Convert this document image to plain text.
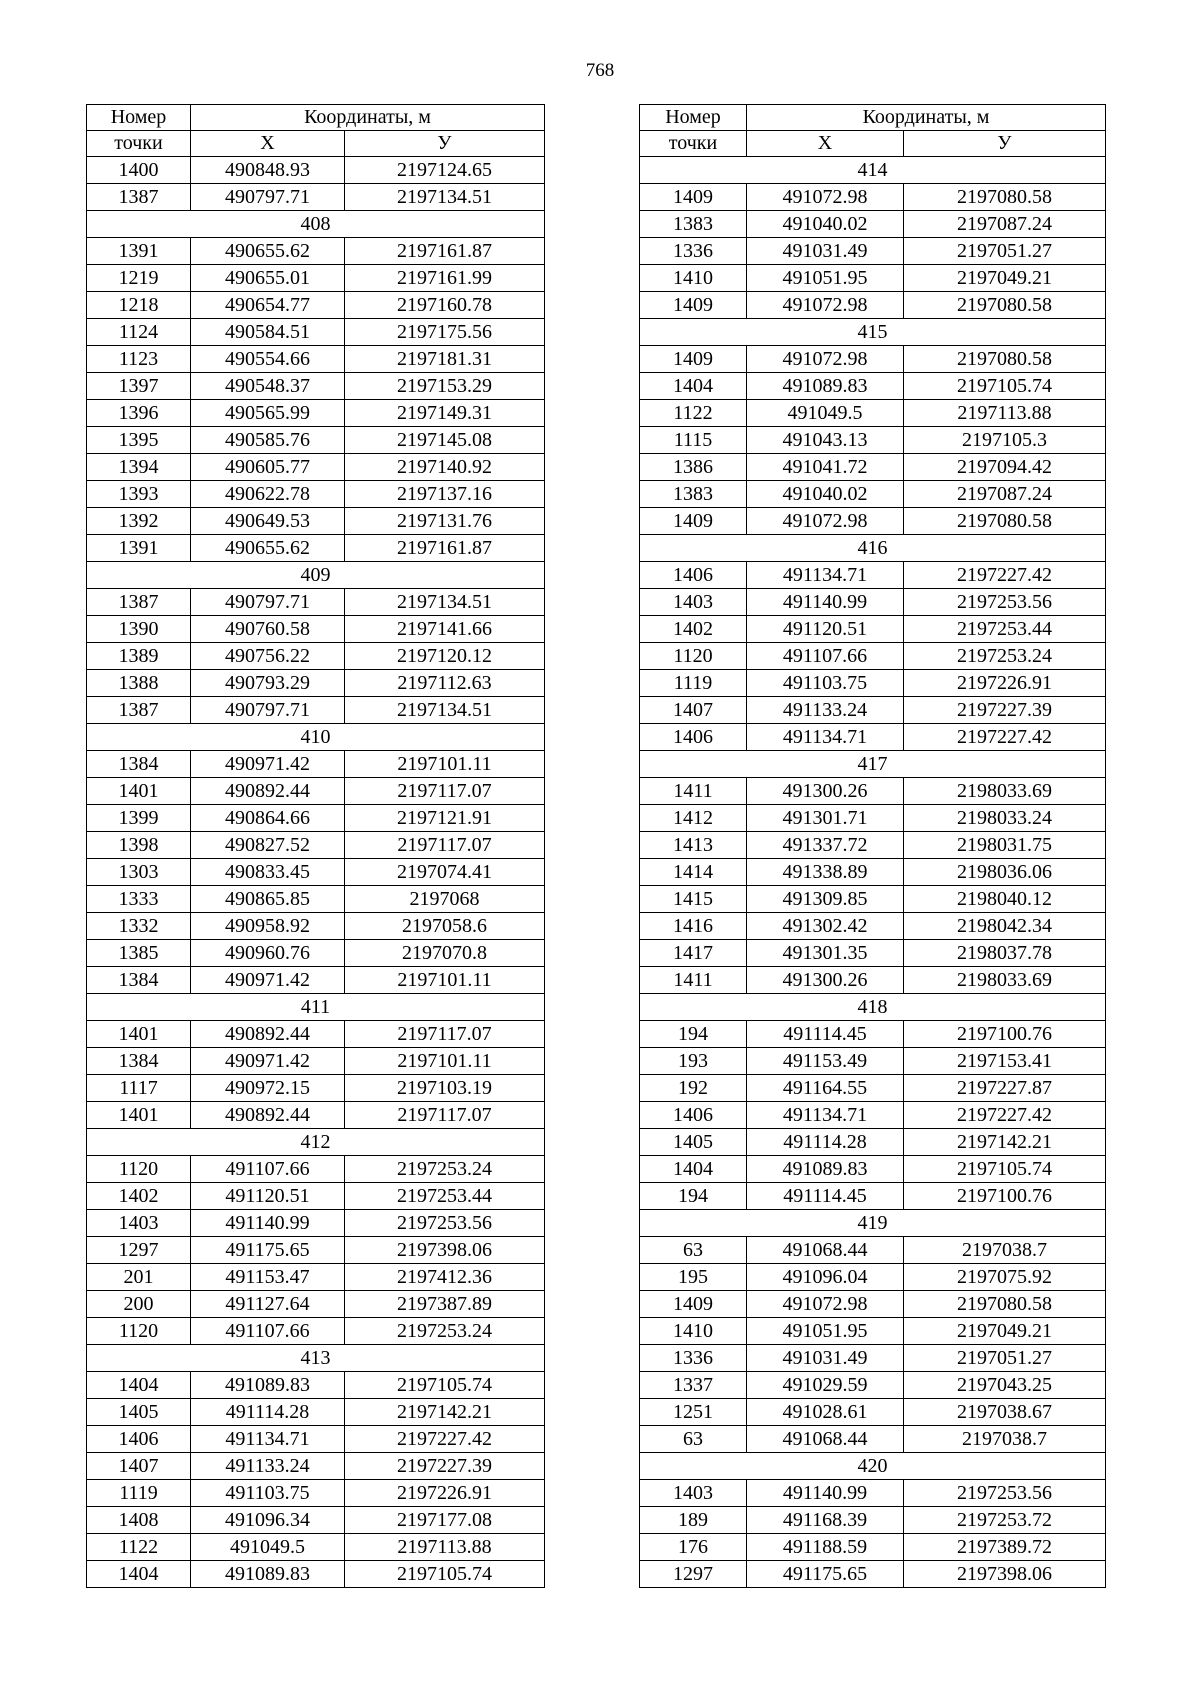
768
Номер	Координаты, м	
точки	X	У
1400	490848.93	2197124.65
1387	490797.71	2197134.51
408		
1391	490655.62	2197161.87
1219	490655.01	2197161.99
1218	490654.77	2197160.78
1124	490584.51	2197175.56
1123	490554.66	2197181.31
1397	490548.37	2197153.29
1396	490565.99	2197149.31
1395	490585.76	2197145.08
1394	490605.77	2197140.92
1393	490622.78	2197137.16
1392	490649.53	2197131.76
1391	490655.62	2197161.87
409		
1387	490797.71	2197134.51
1390	490760.58	2197141.66
1389	490756.22	2197120.12
1388	490793.29	2197112.63
1387	490797.71	2197134.51
410		
1384	490971.42	2197101.11
1401	490892.44	2197117.07
1399	490864.66	2197121.91
1398	490827.52	2197117.07
1303	490833.45	2197074.41
1333	490865.85	2197068
1332	490958.92	2197058.6
1385	490960.76	2197070.8
1384	490971.42	2197101.11
411		
1401	490892.44	2197117.07
1384	490971.42	2197101.11
1117	490972.15	2197103.19
1401	490892.44	2197117.07
412		
1120	491107.66	2197253.24
1402	491120.51	2197253.44
1403	491140.99	2197253.56
1297	491175.65	2197398.06
201	491153.47	2197412.36
200	491127.64	2197387.89
1120	491107.66	2197253.24
413		
1404	491089.83	2197105.74
1405	491114.28	2197142.21
1406	491134.71	2197227.42
1407	491133.24	2197227.39
1119	491103.75	2197226.91
1408	491096.34	2197177.08
1122	491049.5	2197113.88
1404	491089.83	2197105.74
Номер	Координаты, м	
точки	X	У
414		
1409	491072.98	2197080.58
1383	491040.02	2197087.24
1336	491031.49	2197051.27
1410	491051.95	2197049.21
1409	491072.98	2197080.58
415		
1409	491072.98	2197080.58
1404	491089.83	2197105.74
1122	491049.5	2197113.88
1115	491043.13	2197105.3
1386	491041.72	2197094.42
1383	491040.02	2197087.24
1409	491072.98	2197080.58
416		
1406	491134.71	2197227.42
1403	491140.99	2197253.56
1402	491120.51	2197253.44
1120	491107.66	2197253.24
1119	491103.75	2197226.91
1407	491133.24	2197227.39
1406	491134.71	2197227.42
417		
1411	491300.26	2198033.69
1412	491301.71	2198033.24
1413	491337.72	2198031.75
1414	491338.89	2198036.06
1415	491309.85	2198040.12
1416	491302.42	2198042.34
1417	491301.35	2198037.78
1411	491300.26	2198033.69
418		
194	491114.45	2197100.76
193	491153.49	2197153.41
192	491164.55	2197227.87
1406	491134.71	2197227.42
1405	491114.28	2197142.21
1404	491089.83	2197105.74
194	491114.45	2197100.76
419		
63	491068.44	2197038.7
195	491096.04	2197075.92
1409	491072.98	2197080.58
1410	491051.95	2197049.21
1336	491031.49	2197051.27
1337	491029.59	2197043.25
1251	491028.61	2197038.67
63	491068.44	2197038.7
420		
1403	491140.99	2197253.56
189	491168.39	2197253.72
176	491188.59	2197389.72
1297	491175.65	2197398.06
